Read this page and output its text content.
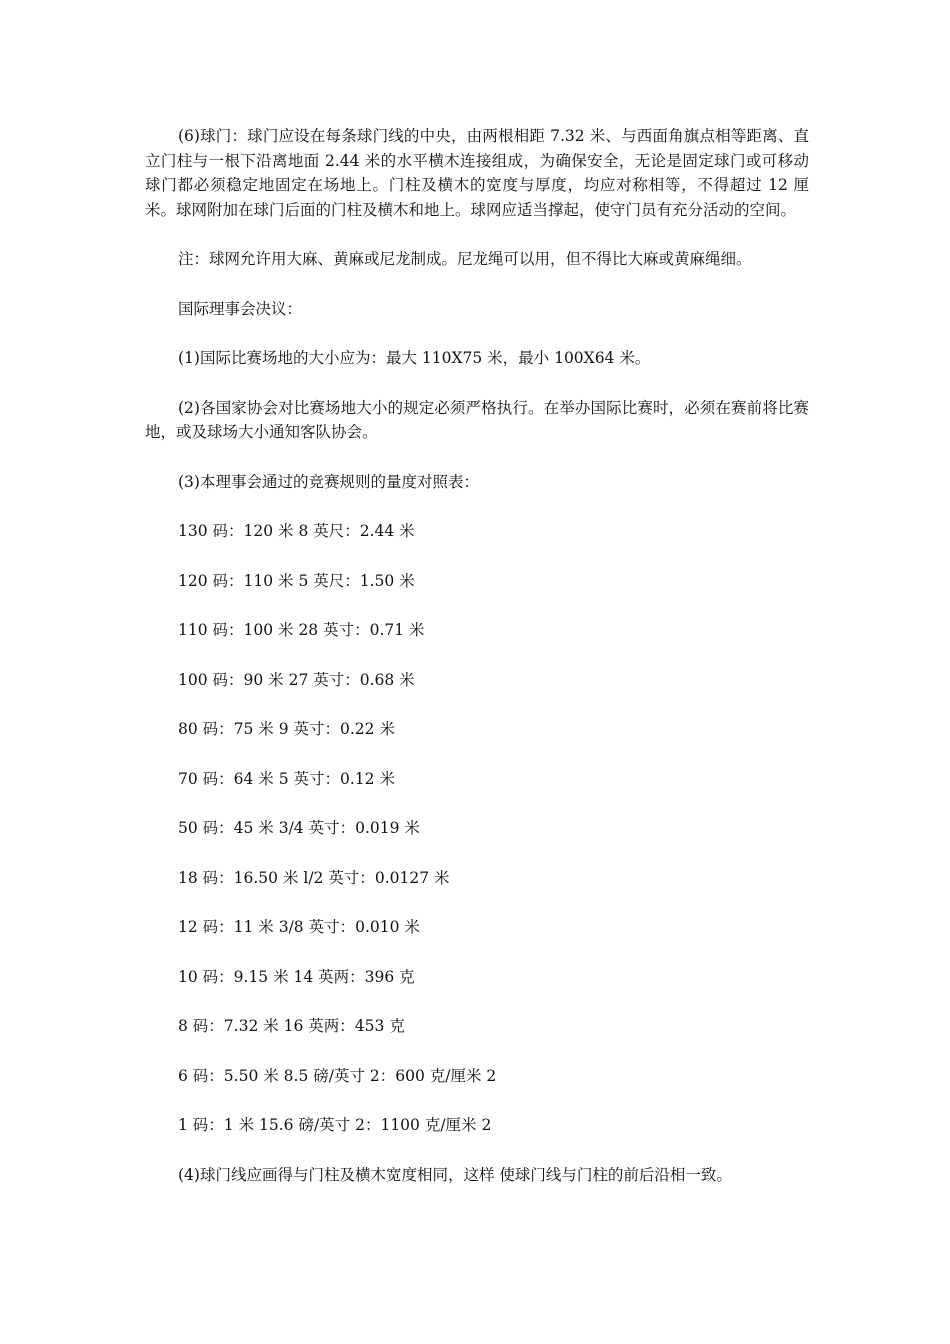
(6)球门：球门应设在每条球门线的中央，由两根相距 7.32 米、与西面角旗点相等距离、直立门柱与一根下沿离地面 2.44 米的水平横木连接组成，为确保安全，无论是固定球门或可移动球门都必须稳定地固定在场地上。门柱及横木的宽度与厚度，均应对称相等，不得超过 12 厘米。球网附加在球门后面的门柱及横木和地上。球网应适当撑起，使守门员有充分活动的空间。

注：球网允许用大麻、黄麻或尼龙制成。尼龙绳可以用，但不得比大麻或黄麻绳细。

国际理事会决议：

(1)国际比赛场地的大小应为：最大 110X75 米，最小 100X64 米。

(2)各国家协会对比赛场地大小的规定必须严格执行。在举办国际比赛时，必须在赛前将比赛地，或及球场大小通知客队协会。

(3)本理事会通过的竞赛规则的量度对照表：

130 码：120 米 8 英尺：2.44 米

120 码：110 米 5 英尺：1.50 米

110 码：100 米 28 英寸：0.71 米

100 码：90 米 27 英寸：0.68 米

80 码：75 米 9 英寸：0.22 米

70 码：64 米 5 英寸：0.12 米

50 码：45 米 3/4 英寸：0.019 米

18 码：16.50 米 l/2 英寸：0.0127 米

12 码：11 米 3/8 英寸：0.010 米

10 码：9.15 米 14 英两：396 克

8 码：7.32 米 16 英两：453 克

6 码：5.50 米 8.5 磅/英寸 2：600 克/厘米 2

1 码：1 米 15.6 磅/英寸 2：1100 克/厘米 2

(4)球门线应画得与门柱及横木宽度相同，这样 使球门线与门柱的前后沿相一致。
